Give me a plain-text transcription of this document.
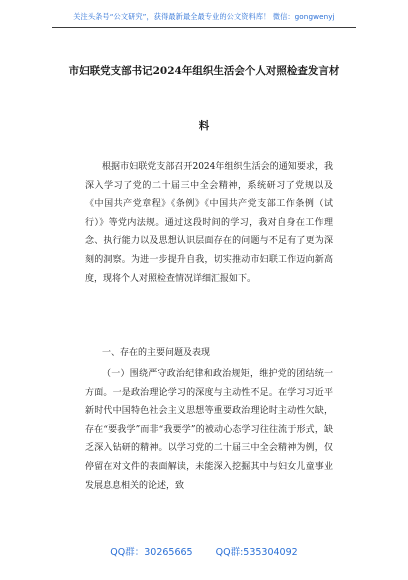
关注头条号“公文研究”，获得最新最全最专业的公文资料库！ 微信：gongwenyj
市妇联党支部书记2024年组织生活会个人对照检查发言材
料
根据市妇联党支部召开2024年组织生活会的通知要求，我深入学习了党的二十届三中全会精神，系统研习了党规以及《中国共产党章程》《条例》《中国共产党支部工作条例（试行）》等党内法规。通过这段时间的学习，我对自身在工作理念、执行能力以及思想认识层面存在的问题与不足有了更为深刻的洞察。为进一步提升自我，切实推动市妇联工作迈向新高度，现将个人对照检查情况详细汇报如下。
一、存在的主要问题及表现
（一）围绕严守政治纪律和政治规矩，维护党的团结统一方面。一是政治理论学习的深度与主动性不足。在学习习近平新时代中国特色社会主义思想等重要政治理论时主动性欠缺，存在“要我学”而非“我要学”的被动心态学习往往流于形式，缺乏深入钻研的精神。以学习党的二十届三中全会精神为例，仅停留在对文件的表面解读，未能深入挖掘其中与妇女儿童事业发展息息相关的论述，致
QQ群：30265665 QQ群:535304092
